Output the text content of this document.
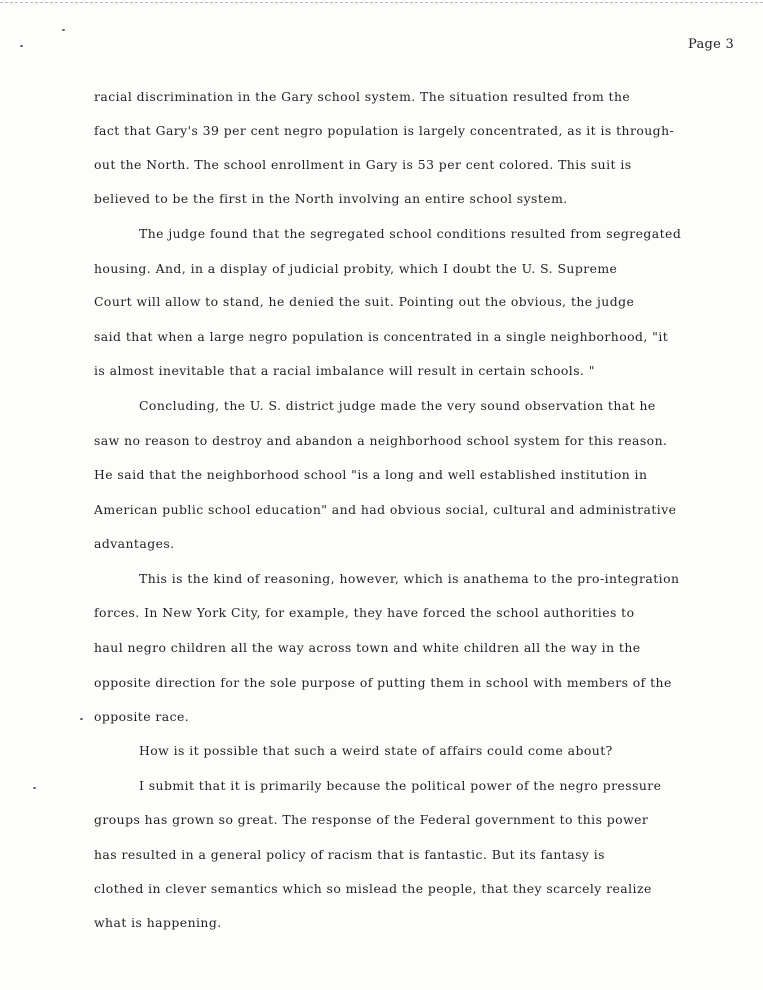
Page 3
racial discrimination in the Gary school system. The situation resulted from the
fact that Gary's 39 per cent negro population is largely concentrated, as it is through-
out the North. The school enrollment in Gary is 53 per cent colored. This suit is
believed to be the first in the North involving an entire school system.
The judge found that the segregated school conditions resulted from segregated
housing. And, in a display of judicial probity, which I doubt the U. S. Supreme
Court will allow to stand, he denied the suit. Pointing out the obvious, the judge
said that when a large negro population is concentrated in a single neighborhood, "it
is almost inevitable that a racial imbalance will result in certain schools. "
Concluding, the U. S. district judge made the very sound observation that he
saw no reason to destroy and abandon a neighborhood school system for this reason.
He said that the neighborhood school "is a long and well established institution in
American public school education" and had obvious social, cultural and administrative
advantages.
This is the kind of reasoning, however, which is anathema to the pro-integration
forces. In New York City, for example, they have forced the school authorities to
haul negro children all the way across town and white children all the way in the
opposite direction for the sole purpose of putting them in school with members of the
opposite race.
How is it possible that such a weird state of affairs could come about?
I submit that it is primarily because the political power of the negro pressure
groups has grown so great. The response of the Federal government to this power
has resulted in a general policy of racism that is fantastic. But its fantasy is
clothed in clever semantics which so mislead the people, that they scarcely realize
what is happening.
